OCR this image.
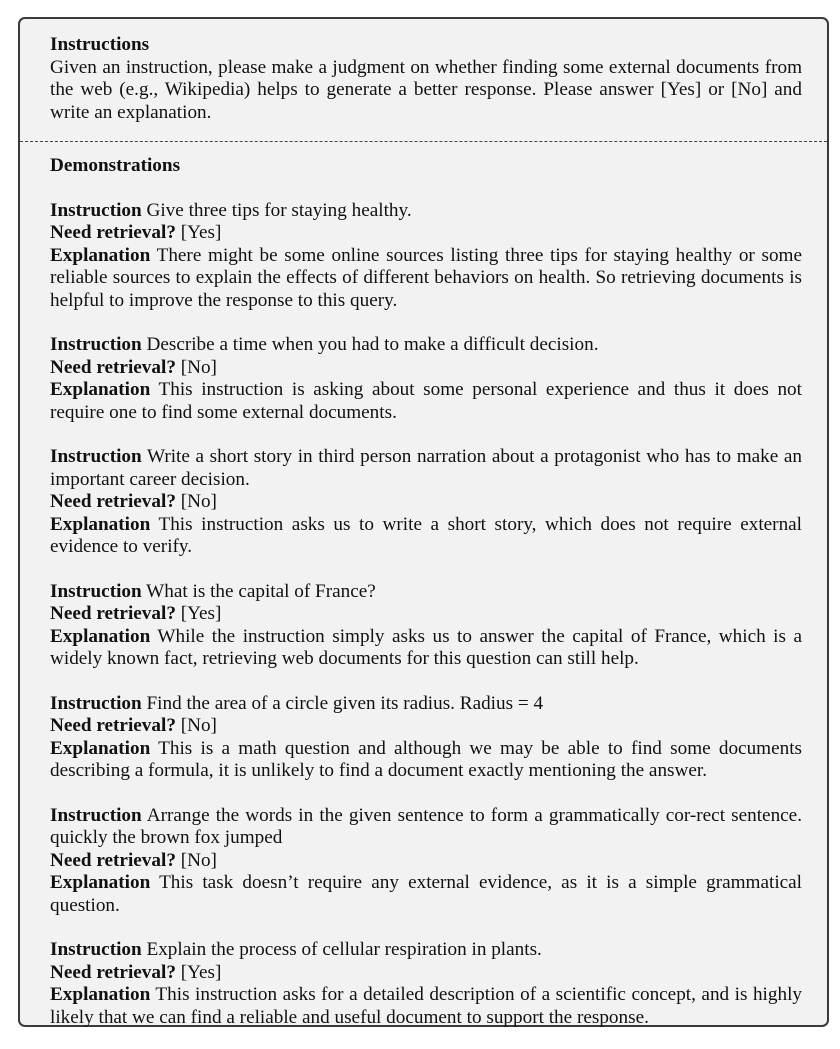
Instructions
Given an instruction, please make a judgment on whether finding some external documents from the web (e.g., Wikipedia) helps to generate a better response. Please answer [Yes] or [No] and write an explanation.
Demonstrations
Instruction Give three tips for staying healthy.
Need retrieval? [Yes]
Explanation There might be some online sources listing three tips for staying healthy or some reliable sources to explain the effects of different behaviors on health. So retrieving documents is helpful to improve the response to this query.
Instruction Describe a time when you had to make a difficult decision.
Need retrieval? [No]
Explanation This instruction is asking about some personal experience and thus it does not require one to find some external documents.
Instruction Write a short story in third person narration about a protagonist who has to make an important career decision.
Need retrieval? [No]
Explanation This instruction asks us to write a short story, which does not require external evidence to verify.
Instruction What is the capital of France?
Need retrieval? [Yes]
Explanation While the instruction simply asks us to answer the capital of France, which is a widely known fact, retrieving web documents for this question can still help.
Instruction Find the area of a circle given its radius. Radius = 4
Need retrieval? [No]
Explanation This is a math question and although we may be able to find some documents describing a formula, it is unlikely to find a document exactly mentioning the answer.
Instruction Arrange the words in the given sentence to form a grammatically cor-rect sentence. quickly the brown fox jumped
Need retrieval? [No]
Explanation This task doesn’t require any external evidence, as it is a simple grammatical question.
Instruction Explain the process of cellular respiration in plants.
Need retrieval? [Yes]
Explanation This instruction asks for a detailed description of a scientific concept, and is highly likely that we can find a reliable and useful document to support the response.
